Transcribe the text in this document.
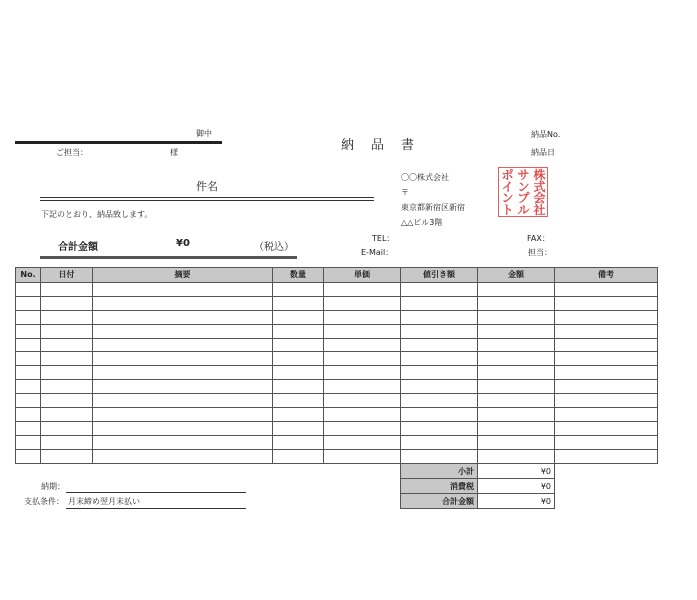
御中
ご担当：	様	納　品　書
納品No.
納品日
件名
下記のとおり、納品致します。
合計金額	¥0	（税込）
〇〇株式会社
〒
東京都新宿区新宿
△△ビル3階
TEL：
E-Mail：
FAX：
担当：
株
式
会
社
サ
ン
プ
ル
ポ
イ
ン
ト
No.	日付	摘要	数量	単価	値引き額	金額	備考

小計	¥0
消費税	¥0
合計金額	¥0
納期：
支払条件： 月末締め翌月末払い
